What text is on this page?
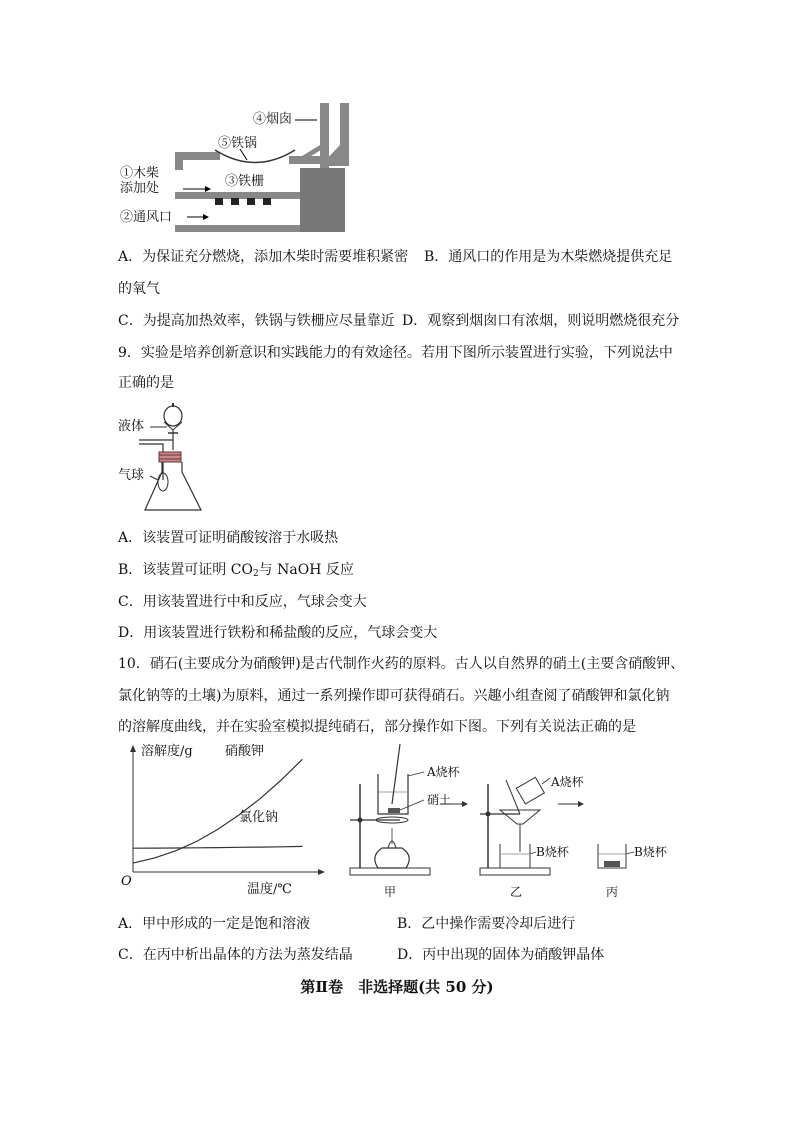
④烟囱
⑤铁锅
①木柴
添加处	③铁栅
②通风口
A．为保证充分燃烧，添加木柴时需要堆积紧密 B．通风口的作用是为木柴燃烧提供充足
的氧气
C．为提高加热效率，铁锅与铁栅应尽量靠近 D．观察到烟囱口有浓烟，则说明燃烧很充分
9．实验是培养创新意识和实践能力的有效途径。若用下图所示装置进行实验，下列说法中
正确的是
液体
气球
A．该装置可证明硝酸铵溶于水吸热
B．该装置可证明 $CO_2$与 NaOH 反应
C．用该装置进行中和反应，气球会变大
D．用该装置进行铁粉和稀盐酸的反应，气球会变大
10．硝石(主要成分为硝酸钾)是古代制作火药的原料。古人以自然界的硝土(主要含硝酸钾、
氯化钠等的土壤)为原料，通过一系列操作即可获得硝石。兴趣小组查阅了硝酸钾和氯化钠
的溶解度曲线，并在实验室模拟提纯硝石，部分操作如下图。下列有关说法正确的是
溶解度/g 硝酸钾
氯化钠
O
温度/℃
A烧杯
硝土
A烧杯
B烧杯	B烧杯
甲	乙	丙
A．甲中形成的一定是饱和溶液	B．乙中操作需要冷却后进行
C．在丙中析出晶体的方法为蒸发结晶	D．丙中出现的固体为硝酸钾晶体
第Ⅱ卷　非选择题(共 50 分)
